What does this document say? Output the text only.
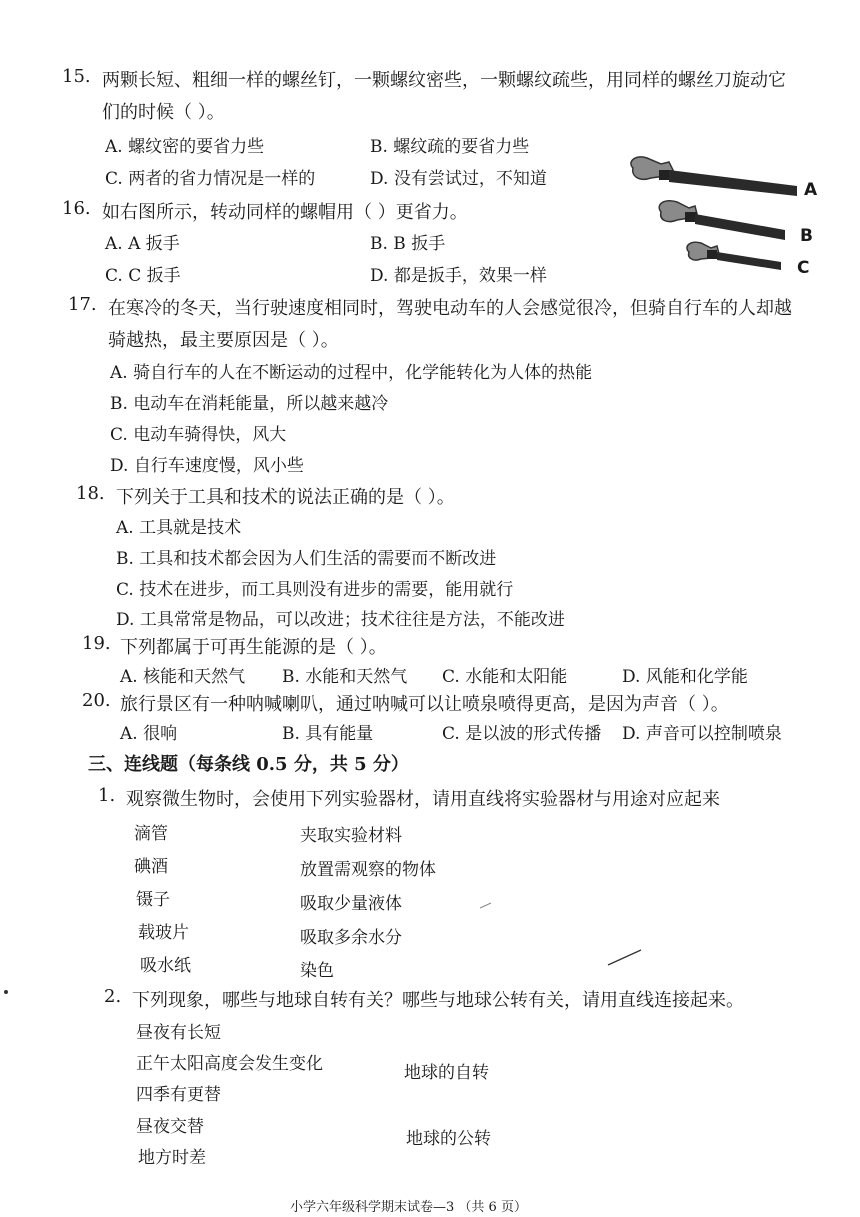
15. 两颗长短、粗细一样的螺丝钉，一颗螺纹密些，一颗螺纹疏些，用同样的螺丝刀旋动它
们的时候（ ）。
A. 螺纹密的要省力些	B. 螺纹疏的要省力些
C. 两者的省力情况是一样的	D. 没有尝试过，不知道
A
B
C
16. 如右图所示，转动同样的螺帽用（ ）更省力。
A. A 扳手	B. B 扳手
C. C 扳手	D. 都是扳手，效果一样
17. 在寒冷的冬天，当行驶速度相同时，驾驶电动车的人会感觉很冷，但骑自行车的人却越
骑越热，最主要原因是（ ）。
A. 骑自行车的人在不断运动的过程中，化学能转化为人体的热能
B. 电动车在消耗能量，所以越来越冷
C. 电动车骑得快，风大
D. 自行车速度慢，风小些
18. 下列关于工具和技术的说法正确的是（ ）。
A. 工具就是技术
B. 工具和技术都会因为人们生活的需要而不断改进
C. 技术在进步，而工具则没有进步的需要，能用就行
D. 工具常常是物品，可以改进；技术往往是方法，不能改进
19. 下列都属于可再生能源的是（ ）。
A. 核能和天然气 B. 水能和天然气 C. 水能和太阳能	D. 风能和化学能
20. 旅行景区有一种呐喊喇叭，通过呐喊可以让喷泉喷得更高，是因为声音（ ）。
A. 很响	B. 具有能量	C. 是以波的形式传播 D. 声音可以控制喷泉
三、连线题（每条线 0.5 分，共 5 分）
1. 观察微生物时，会使用下列实验器材，请用直线将实验器材与用途对应起来
滴管
碘酒
镊子
载玻片
吸水纸
夹取实验材料
放置需观察的物体
吸取少量液体
吸取多余水分
染色
2. 下列现象，哪些与地球自转有关？哪些与地球公转有关，请用直线连接起来。
昼夜有长短
正午太阳高度会发生变化
四季有更替
昼夜交替
地方时差
地球的自转
地球的公转
小学六年级科学期末试卷—3 （共 6 页）
